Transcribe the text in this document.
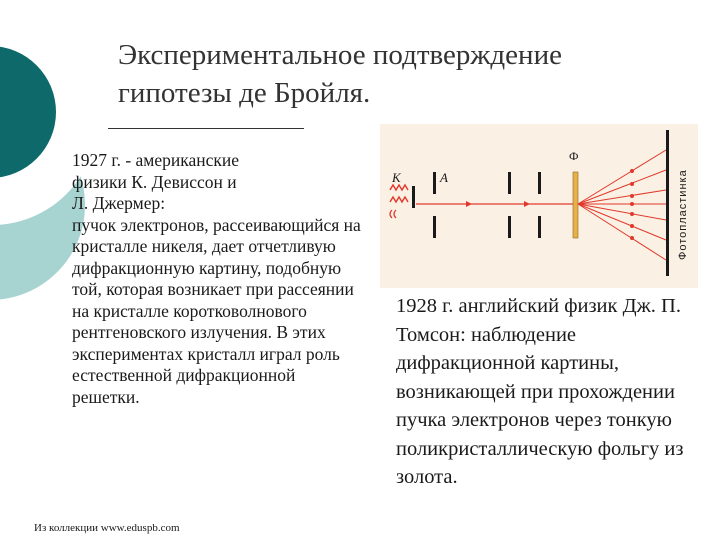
Экспериментальное подтверждение
гипотезы де Бройля.

1927 г. - американские

физики К. Девиссон и

Л. Джермер:

пучок электронов, рассеивающийся на кристалле никеля, дает отчетливую дифракционную картину, подобную той, которая возникает при рассеянии на кристалле коротковолнового рентгеновского излучения. В этих экспериментах кристалл играл роль естественной дифракционной решетки.

K	A
Ф
Фотопластинка
1928 г. английский физик Дж. П. Томсон: наблюдение дифракционной картины, возникающей при прохождении пучка электронов через тонкую поликристаллическую фольгу из золота.
Из коллекции www.eduspb.com
